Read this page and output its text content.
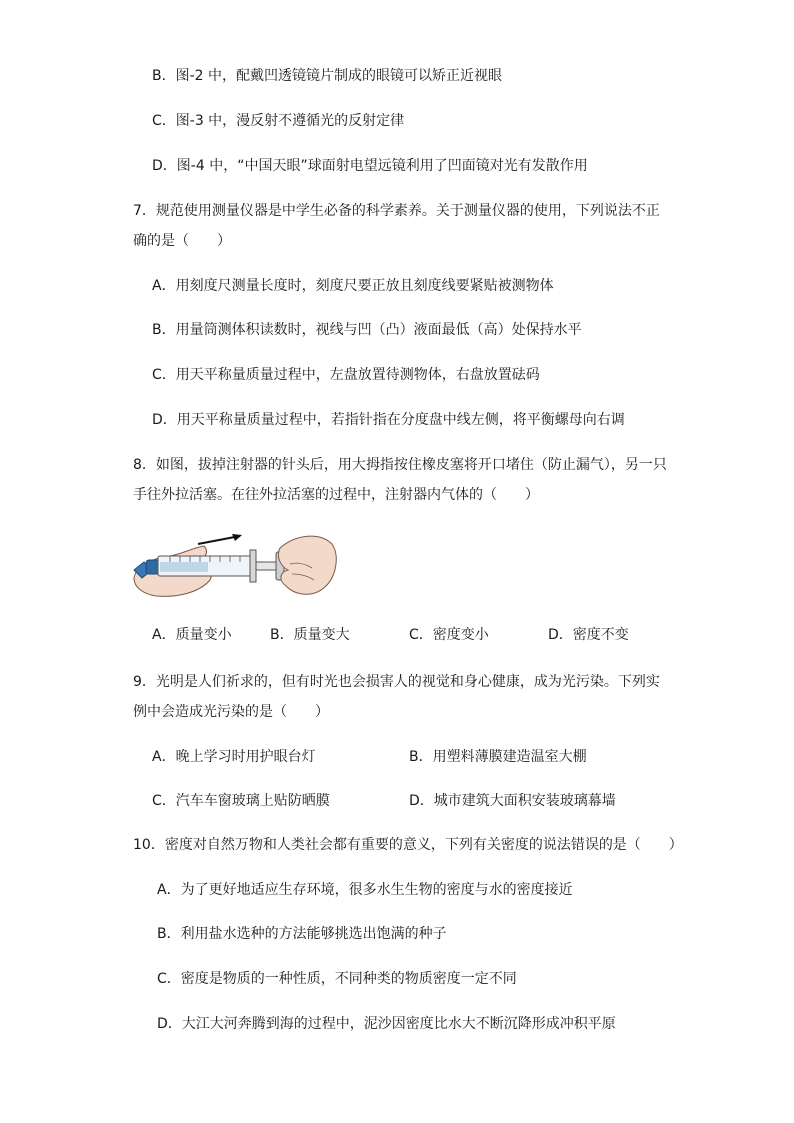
B．图-2 中，配戴凹透镜镜片制成的眼镜可以矫正近视眼
C．图-3 中，漫反射不遵循光的反射定律
D．图-4 中，“中国天眼”球面射电望远镜利用了凹面镜对光有发散作用
7．规范使用测量仪器是中学生必备的科学素养。关于测量仪器的使用，下列说法不正
确的是（　　）
A．用刻度尺测量长度时，刻度尺要正放且刻度线要紧贴被测物体
B．用量筒测体积读数时，视线与凹（凸）液面最低（高）处保持水平
C．用天平称量质量过程中，左盘放置待测物体，右盘放置砝码
D．用天平称量质量过程中，若指针指在分度盘中线左侧，将平衡螺母向右调
8．如图，拔掉注射器的针头后，用大拇指按住橡皮塞将开口堵住（防止漏气），另一只
手往外拉活塞。在往外拉活塞的过程中，注射器内气体的（　　）
A．质量变小	B．质量变大	C．密度变小	D．密度不变
9．光明是人们祈求的，但有时光也会损害人的视觉和身心健康，成为光污染。下列实
例中会造成光污染的是（　　）
A．晚上学习时用护眼台灯	B．用塑料薄膜建造温室大棚
C．汽车车窗玻璃上贴防晒膜	D．城市建筑大面积安装玻璃幕墙
10．密度对自然万物和人类社会都有重要的意义，下列有关密度的说法错误的是（　　）
A．为了更好地适应生存环境，很多水生生物的密度与水的密度接近
B．利用盐水选种的方法能够挑选出饱满的种子
C．密度是物质的一种性质，不同种类的物质密度一定不同
D．大江大河奔腾到海的过程中，泥沙因密度比水大不断沉降形成冲积平原
